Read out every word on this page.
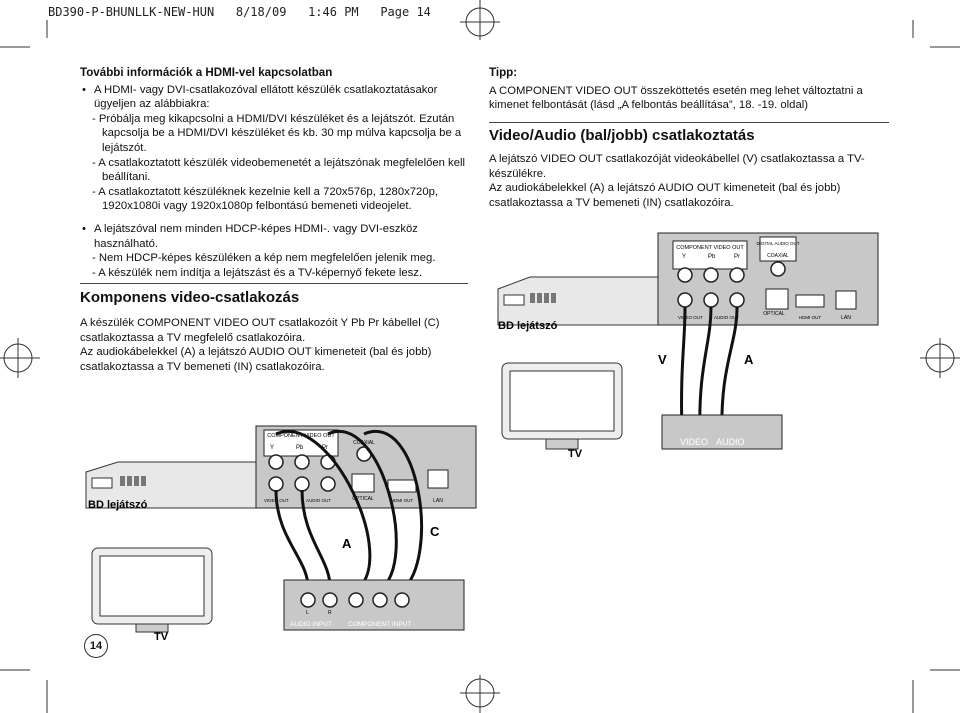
BD390-P-BHUNLLK-NEW-HUN   8/18/09   1:46 PM   Page 14
További információk a HDMI-vel kapcsolatban
• A HDMI- vagy DVI-csatlakozóval ellátott készülék csatlakoztatásakor ügyeljen az alábbiakra:
- Próbálja meg kikapcsolni a HDMI/DVI készüléket és a lejátszót. Ezután kapcsolja be a HDMI/DVI készüléket és kb. 30 mp múlva kapcsolja be a lejátszót.
- A csatlakoztatott készülék videobemenetét a lejátszónak megfelelően kell beállítani.
- A csatlakoztatott készüléknek kezelnie kell a 720x576p, 1280x720p, 1920x1080i vagy 1920x1080p felbontású bemeneti videojelet.
• A lejátszóval nem minden HDCP-képes HDMI-. vagy DVI-eszköz használható.
- Nem HDCP-képes készüléken a kép nem megfelelően jelenik meg.
- A készülék nem indítja a lejátszást és a TV-képernyő fekete lesz.
Komponens video-csatlakozás
A készülék COMPONENT VIDEO OUT csatlakozóit Y Pb Pr kábellel (C) csatlakoztassa a TV megfelelő csatlakozóira.
Az audiokábelekkel (A) a lejátszó AUDIO OUT kimeneteit (bal és jobb) csatlakoztassa a TV bemeneti (IN) csatlakozóira.
Tipp:
A COMPONENT VIDEO OUT összeköttetés esetén meg lehet változtatni a kimenet felbontását (lásd „A felbontás beállítása”, 18. -19. oldal)
Video/Audio (bal/jobb) csatlakoztatás
A lejátszó VIDEO OUT csatlakozóját videokábellel (V) csatlakoztassa a TV-készülékre.
Az audiokábelekkel (A) a lejátszó AUDIO OUT kimeneteit (bal és jobb) csatlakoztassa a TV bemeneti (IN) csatlakozóira.
COMPONENT VIDEO OUT
Y	Pb	Pr
DIGITAL AUDIO OUT
COAXIAL
OPTICAL
HDMI OUT	LAN
VIDEO OUT AUDIO OUT
BD lejátszó
V	A
VIDEO AUDIO
TV
COMPONENT VIDEO OUT
Y	Pb	Pr
COAXIAL
OPTICAL	HDMI OUT	LAN
VIDEO OUT	AUDIO OUT
BD lejátszó
A
C
TV
L	R
AUDIO INPUT COMPONENT INPUT
14
